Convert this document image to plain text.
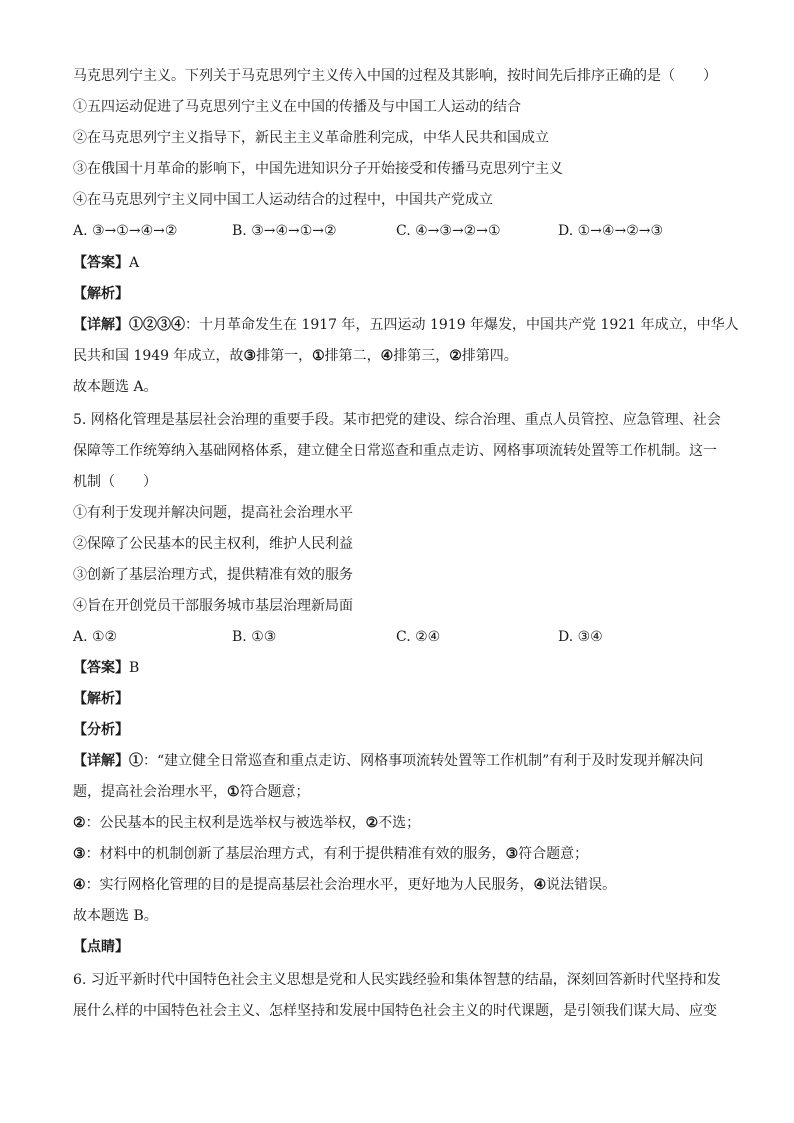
马克思列宁主义。下列关于马克思列宁主义传入中国的过程及其影响，按时间先后排序正确的是（　　）
①五四运动促进了马克思列宁主义在中国的传播及与中国工人运动的结合
②在马克思列宁主义指导下，新民主主义革命胜利完成，中华人民共和国成立
③在俄国十月革命的影响下，中国先进知识分子开始接受和传播马克思列宁主义
④在马克思列宁主义同中国工人运动结合的过程中，中国共产党成立
A. ③→①→④→②	B. ③→④→①→②	C. ④→③→②→①	D. ①→④→②→③
【答案】A
【解析】
【详解】①②③④：十月革命发生在 1917 年，五四运动 1919 年爆发，中国共产党 1921 年成立，中华人
民共和国 1949 年成立，故③排第一，①排第二，④排第三，②排第四。
故本题选 A。
5. 网格化管理是基层社会治理的重要手段。某市把党的建设、综合治理、重点人员管控、应急管理、社会
保障等工作统筹纳入基础网格体系，建立健全日常巡查和重点走访、网格事项流转处置等工作机制。这一
机制（　　）
①有利于发现并解决问题，提高社会治理水平
②保障了公民基本的民主权利，维护人民利益
③创新了基层治理方式，提供精准有效的服务
④旨在开创党员干部服务城市基层治理新局面
A. ①②	B. ①③	C. ②④	D. ③④
【答案】B
【解析】
【分析】
【详解】①：“建立健全日常巡查和重点走访、网格事项流转处置等工作机制”有利于及时发现并解决问
题，提高社会治理水平，①符合题意；
②：公民基本的民主权利是选举权与被选举权，②不选；
③：材料中的机制创新了基层治理方式，有利于提供精准有效的服务，③符合题意；
④：实行网格化管理的目的是提高基层社会治理水平，更好地为人民服务，④说法错误。
故本题选 B。
【点睛】
6. 习近平新时代中国特色社会主义思想是党和人民实践经验和集体智慧的结晶，深刻回答新时代坚持和发
展什么样的中国特色社会主义、怎样坚持和发展中国特色社会主义的时代课题，是引领我们谋大局、应变
